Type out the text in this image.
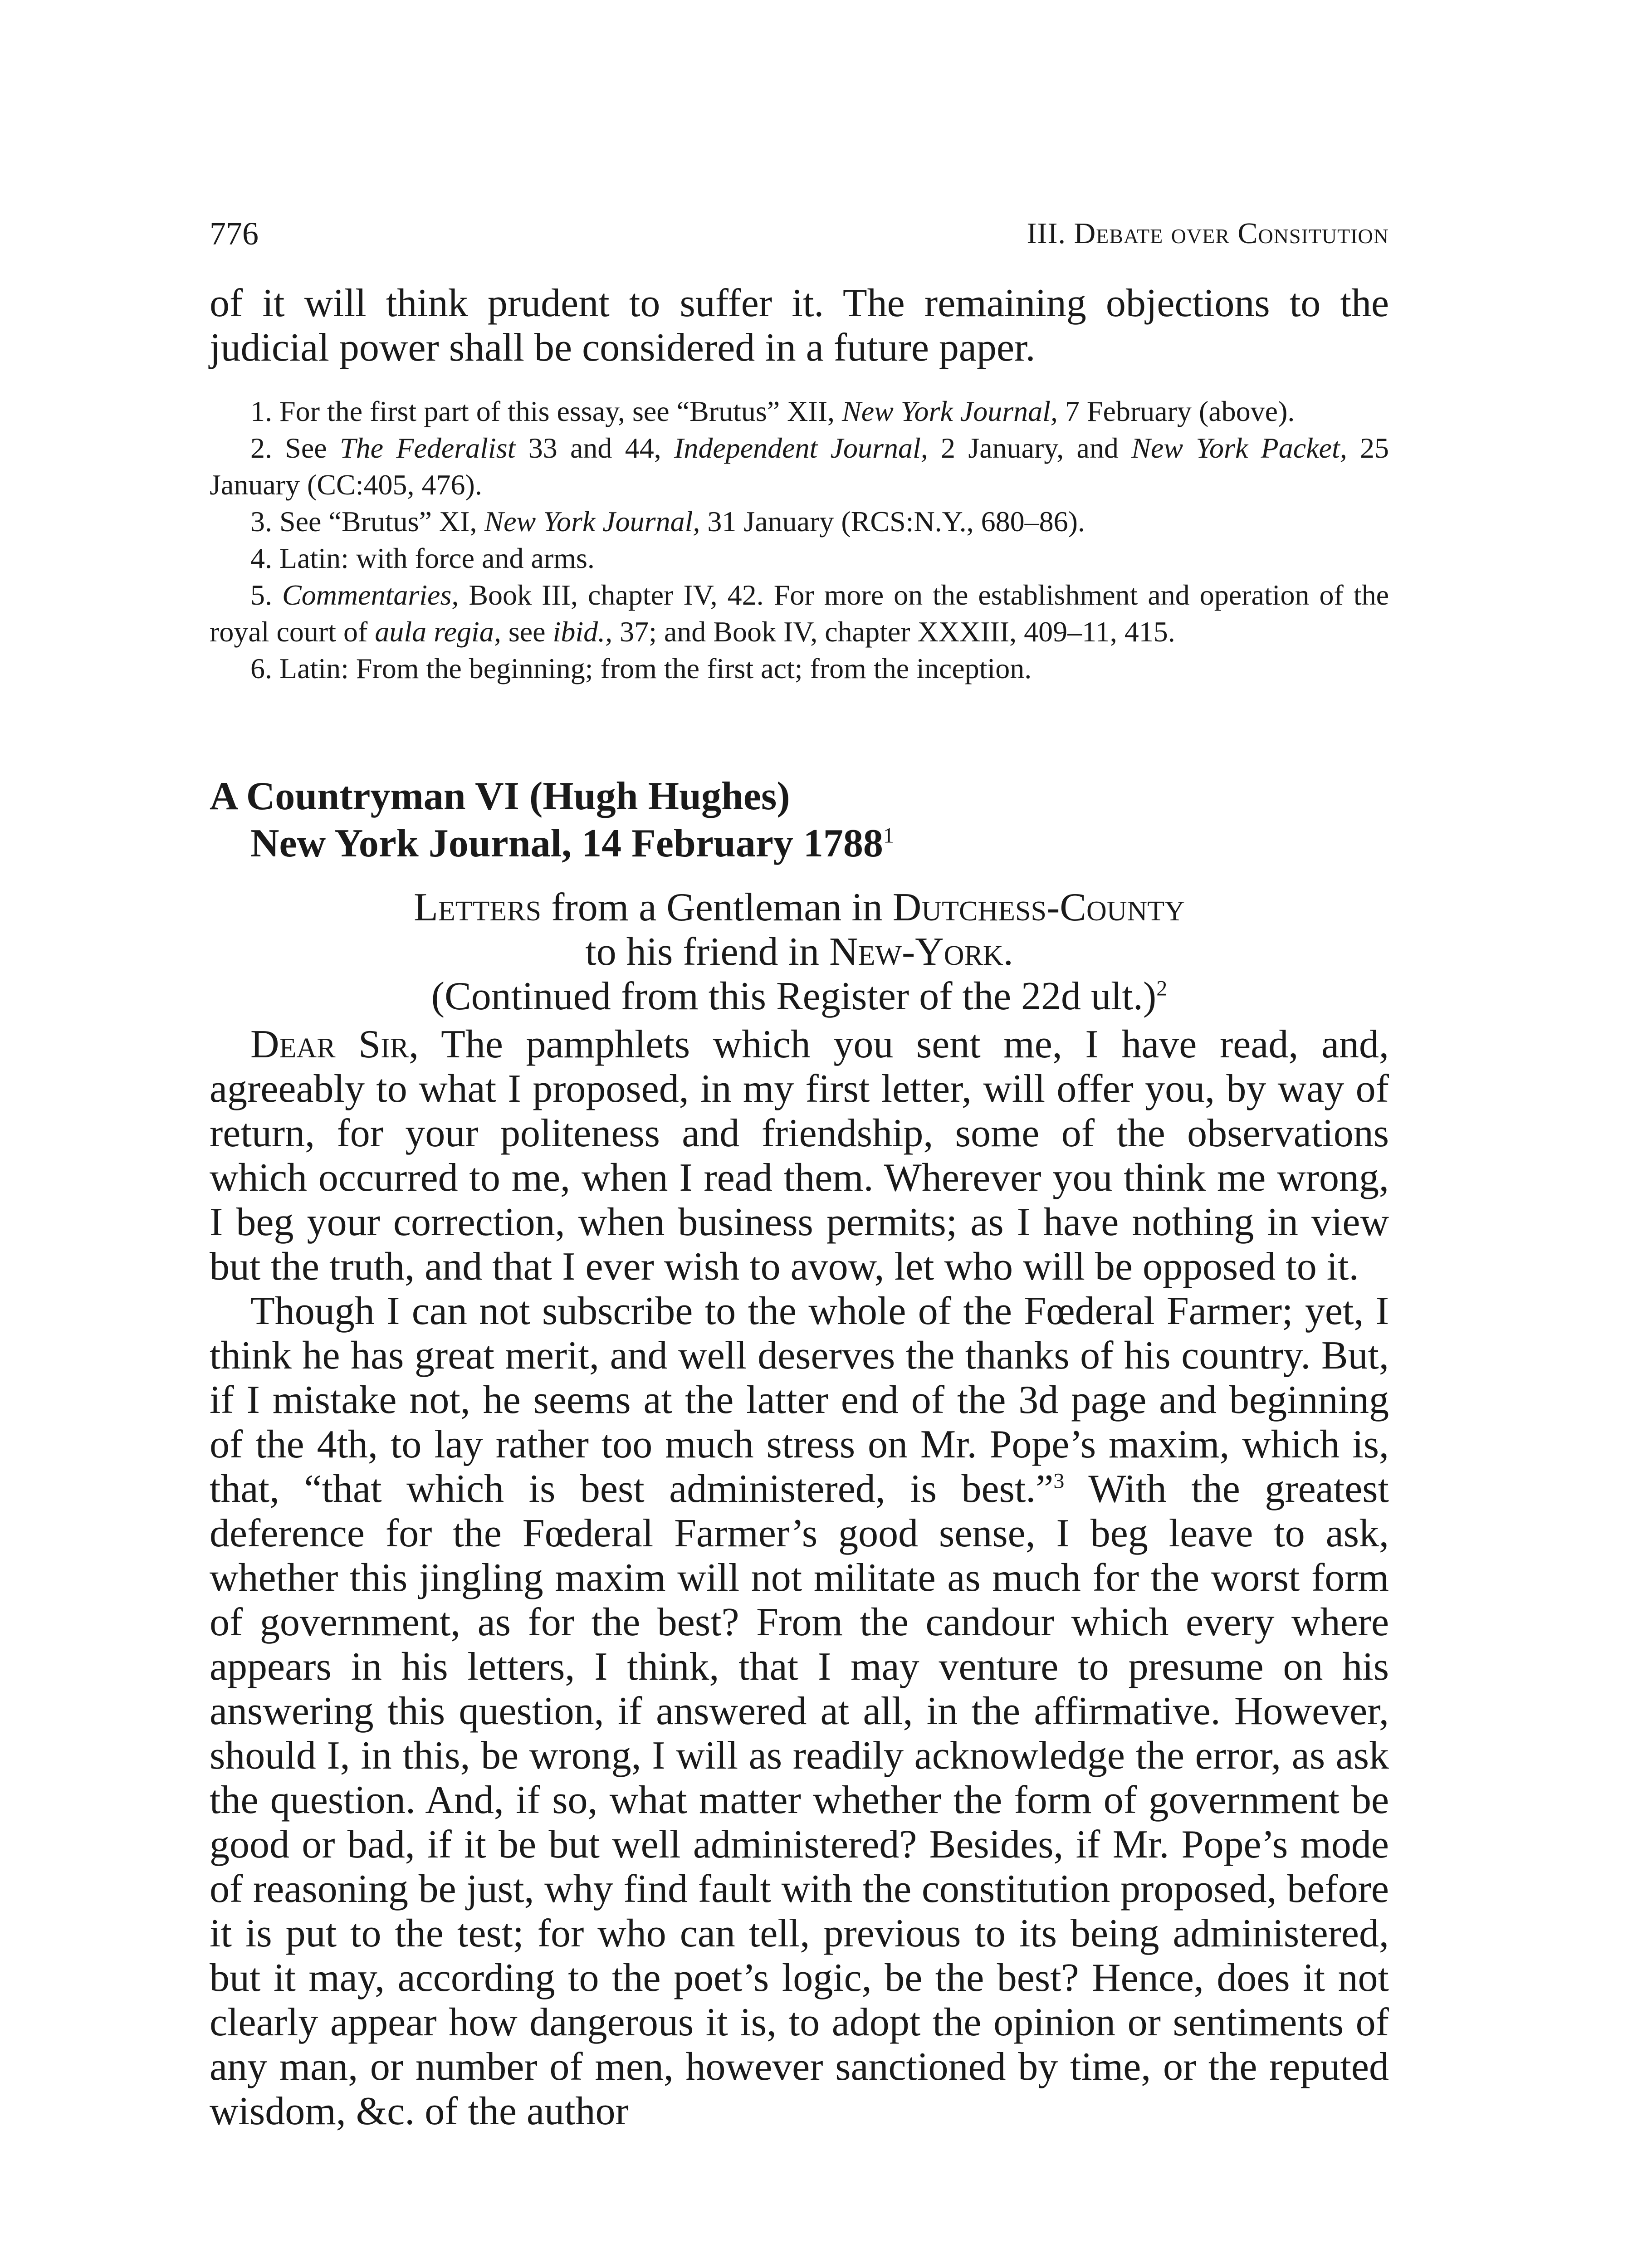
776	III. Debate over Consitution

of it will think prudent to suffer it. The remaining objections to the judicial power shall be considered in a future paper.

1. For the first part of this essay, see “Brutus” XII, New York Journal, 7 February (above).

2. See The Federalist 33 and 44, Independent Journal, 2 January, and New York Packet, 25 January (CC:405, 476).

3. See “Brutus” XI, New York Journal, 31 January (RCS:N.Y., 680–86).

4. Latin: with force and arms.

5. Commentaries, Book III, chapter IV, 42. For more on the establishment and operation of the royal court of aula regia, see ibid., 37; and Book IV, chapter XXXIII, 409–11, 415.

6. Latin: From the beginning; from the first act; from the inception.

A Countryman VI (Hugh Hughes)
New York Journal, 14 February 1788$^1$
Letters from a Gentleman in Dutchess-County
to his friend in New-York.
(Continued from this Register of the 22d ult.)$^2$

Dear Sir, The pamphlets which you sent me, I have read, and, agreeably to what I proposed, in my first letter, will offer you, by way of return, for your politeness and friendship, some of the observations which occurred to me, when I read them. Wherever you think me wrong, I beg your correction, when business permits; as I have nothing in view but the truth, and that I ever wish to avow, let who will be opposed to it.

Though I can not subscribe to the whole of the Fœderal Farmer; yet, I think he has great merit, and well deserves the thanks of his country. But, if I mistake not, he seems at the latter end of the 3d page and beginning of the 4th, to lay rather too much stress on Mr. Pope’s maxim, which is, that, “that which is best administered, is best.”$^3$ With the greatest deference for the Fœderal Farmer’s good sense, I beg leave to ask, whether this jingling maxim will not militate as much for the worst form of government, as for the best? From the candour which every where appears in his letters, I think, that I may venture to presume on his answering this question, if answered at all, in the affirmative. However, should I, in this, be wrong, I will as readily acknowledge the error, as ask the question. And, if so, what matter whether the form of government be good or bad, if it be but well administered? Besides, if Mr. Pope’s mode of reasoning be just, why find fault with the constitution proposed, before it is put to the test; for who can tell, previous to its being administered, but it may, according to the poet’s logic, be the best? Hence, does it not clearly appear how dangerous it is, to adopt the opinion or sentiments of any man, or number of men, however sanctioned by time, or the reputed wisdom, &c. of the author
